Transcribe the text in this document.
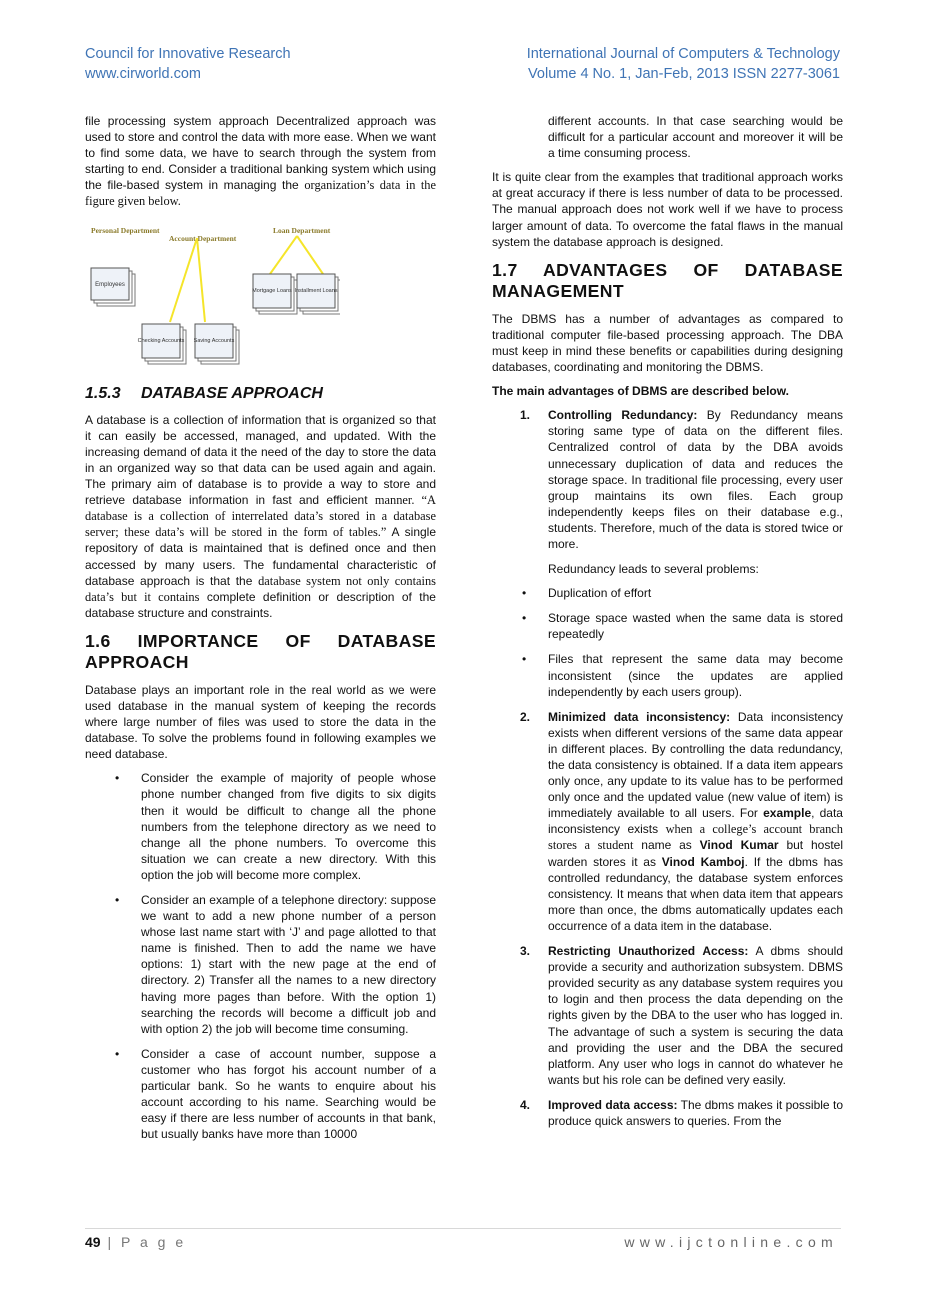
Council for Innovative Research
www.cirworld.com
International Journal of Computers & Technology
Volume 4 No. 1, Jan-Feb, 2013 ISSN 2277-3061

file processing system approach Decentralized approach was used to store and control the data with more ease. When we want to find some data, we have to search through the system from starting to end. Consider a traditional banking system which using the file-based system in managing the organization’s data in the figure given below.

Personal Department
Account Department
Loan Department
Employees
Checking Accounts Saving Accounts
Mortgage Loans Installment Loans
1.5.3 DATABASE APPROACH

A database is a collection of information that is organized so that it can easily be accessed, managed, and updated. With the increasing demand of data it the need of the day to store the data in an organized way so that data can be used again and again. The primary aim of database is to provide a way to store and retrieve database information in fast and efficient manner. “A database is a collection of interrelated data’s stored in a database server; these data’s will be stored in the form of tables.” A single repository of data is maintained that is defined once and then accessed by many users. The fundamental characteristic of database approach is that the database system not only contains data’s but it contains complete definition or description of the database structure and constraints.

1.6 IMPORTANCE OF DATABASE APPROACH

Database plays an important role in the real world as we were used database in the manual system of keeping the records where large number of files was used to store the data in the database. To solve the problems found in following examples we need database.

• Consider the example of majority of people whose phone number changed from five digits to six digits then it would be difficult to change all the phone numbers from the telephone directory as we need to change all the phone numbers. To overcome this situation we can create a new directory. With this option the job will become more complex.
• Consider an example of a telephone directory: suppose we want to add a new phone number of a person whose last name start with ‘J’ and page allotted to that name is finished. Then to add the name we have options: 1) start with the new page at the end of directory. 2) Transfer all the names to a new directory having more pages than before. With the option 1) searching the records will become a difficult job and with option 2) the job will become time consuming.
• Consider a case of account number, suppose a customer who has forgot his account number of a particular bank. So he wants to enquire about his account according to his name. Searching would be easy if there are less number of accounts in that bank, but usually banks have more than 10000

different accounts. In that case searching would be difficult for a particular account and moreover it will be a time consuming process.

It is quite clear from the examples that traditional approach works at great accuracy if there is less number of data to be processed. The manual approach does not work well if we have to process larger amount of data. To overcome the fatal flaws in the manual system the database approach is designed.

1.7 ADVANTAGES OF DATABASE MANAGEMENT

The DBMS has a number of advantages as compared to traditional computer file-based processing approach. The DBA must keep in mind these benefits or capabilities during designing databases, coordinating and monitoring the DBMS.

The main advantages of DBMS are described below.

1. Controlling Redundancy: By Redundancy means storing same type of data on the different files. Centralized control of data by the DBA avoids unnecessary duplication of data and reduces the storage space. In traditional file processing, every user group maintains its own files. Each group independently keeps files on their database e.g., students. Therefore, much of the data is stored twice or more.

Redundancy leads to several problems:

• Duplication of effort
• Storage space wasted when the same data is stored repeatedly
• Files that represent the same data may become inconsistent (since the updates are applied independently by each users group).
2. Minimized data inconsistency: Data inconsistency exists when different versions of the same data appear in different places. By controlling the data redundancy, the data consistency is obtained. If a data item appears only once, any update to its value has to be performed only once and the updated value (new value of item) is immediately available to all users. For example, data inconsistency exists when a college’s account branch stores a student name as Vinod Kumar but hostel warden stores it as Vinod Kamboj. If the dbms has controlled redundancy, the database system enforces consistency. It means that when data item that appears more than once, the dbms automatically updates each occurrence of a data item in the database.
3. Restricting Unauthorized Access: A dbms should provide a security and authorization subsystem. DBMS provided security as any database system requires you to login and then process the data depending on the rights given by the DBA to the user who has logged in. The advantage of such a system is securing the data and providing the user and the DBA the secured platform. Any user who logs in cannot do whatever he wants but his role can be defined very easily.
4. Improved data access: The dbms makes it possible to produce quick answers to queries. From the
49 | P a g e	www.ijctonline.com
